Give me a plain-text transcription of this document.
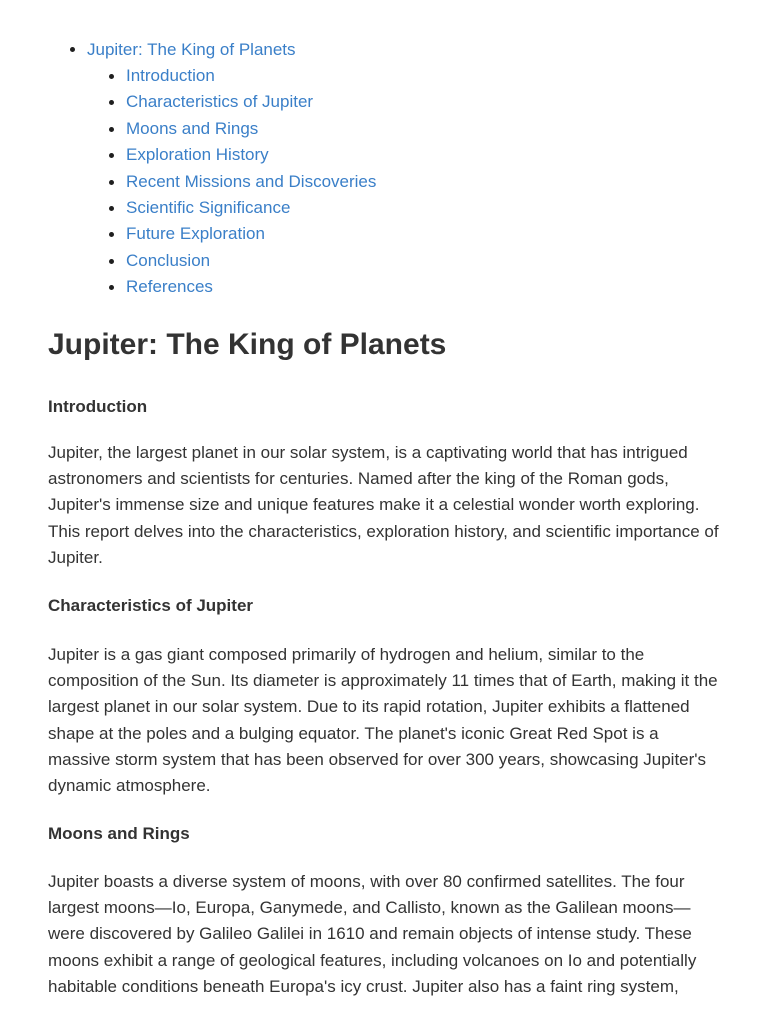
Jupiter: The King of Planets
Introduction
Characteristics of Jupiter
Moons and Rings
Exploration History
Recent Missions and Discoveries
Scientific Significance
Future Exploration
Conclusion
References
Jupiter: The King of Planets
Introduction

Jupiter, the largest planet in our solar system, is a captivating world that has intrigued astronomers and scientists for centuries. Named after the king of the Roman gods, Jupiter's immense size and unique features make it a celestial wonder worth exploring. This report delves into the characteristics, exploration history, and scientific importance of Jupiter.

Characteristics of Jupiter

Jupiter is a gas giant composed primarily of hydrogen and helium, similar to the composition of the Sun. Its diameter is approximately 11 times that of Earth, making it the largest planet in our solar system. Due to its rapid rotation, Jupiter exhibits a flattened shape at the poles and a bulging equator. The planet's iconic Great Red Spot is a massive storm system that has been observed for over 300 years, showcasing Jupiter's dynamic atmosphere.

Moons and Rings

Jupiter boasts a diverse system of moons, with over 80 confirmed satellites. The four largest moons—Io, Europa, Ganymede, and Callisto, known as the Galilean moons—were discovered by Galileo Galilei in 1610 and remain objects of intense study. These moons exhibit a range of geological features, including volcanoes on Io and potentially habitable conditions beneath Europa's icy crust. Jupiter also has a faint ring system,
